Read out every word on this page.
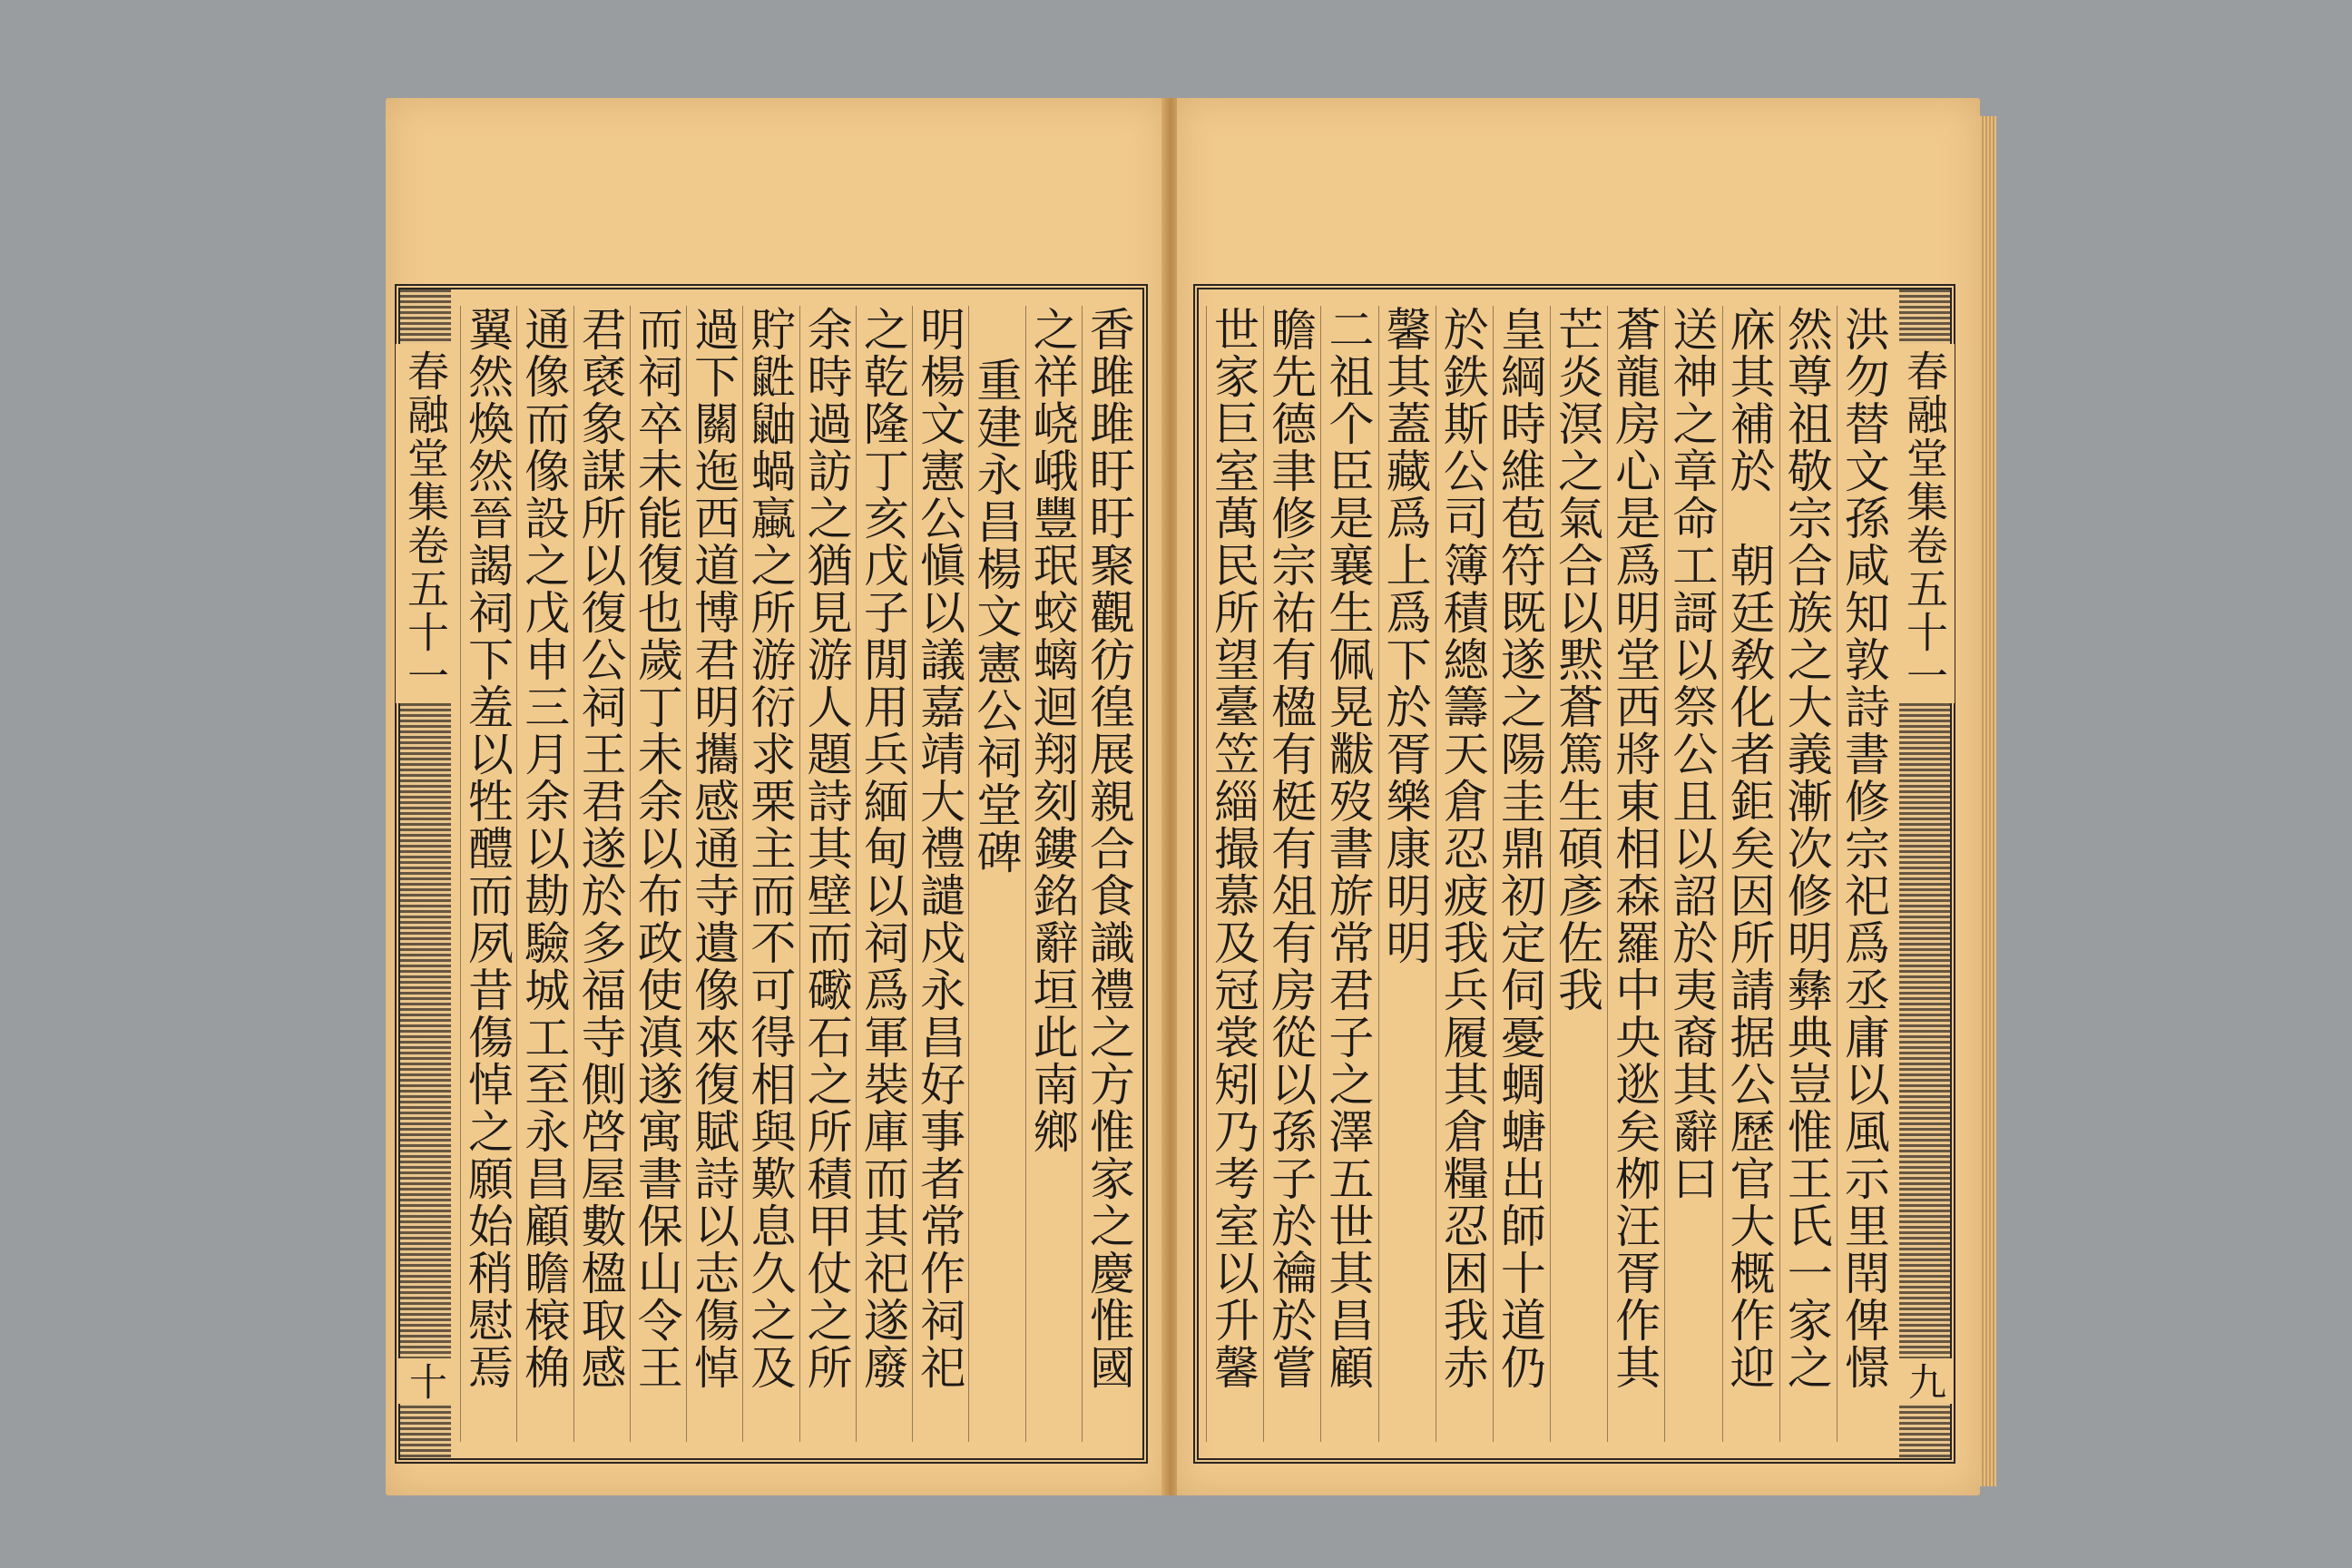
春融堂集卷五十一
十	香雎雎盱盱聚觀彷徨展親合食識禮之方惟家之慶惟國
之祥峣峨豐珉蛟螭迴翔刻鏤銘辭垣此南鄉
重建永昌楊文憲公祠堂碑
明楊文憲公愼以議嘉靖大禮譴戍永昌好事者常作祠祀
之乾隆丁亥戊子閒用兵緬甸以祠爲軍裝庫而其祀遂廢
余時過訪之猶見游人題詩其壁而礮石之所積甲仗之所
貯鼪鼬蝸蠃之所游衍求栗主而不可得相與歎息久之及
過下關迤西道博君明攜感通寺遺像來復賦詩以志傷悼
而祠卒未能復也歲丁未余以布政使滇遂寓書保山令王
君褎象謀所以復公祠王君遂於多福寺側啓屋數楹取感
通像而像設之戊申三月余以勘驗城工至永昌顧瞻榱桷
翼然煥然晉謁祠下羞以牲醴而夙昔傷悼之願始稍慰焉	春融堂集卷五十一
九
洪勿替文孫咸知敦詩書修宗祀爲丞庸以風示里閈俾憬
然尊祖敬宗合族之大義漸次修明彝典豈惟王氏一家之
庥其補於　朝廷敎化者鉅矣因所請据公歷官大概作迎
送神之章命工謌以祭公且以詔於夷裔其辭曰
蒼龍房心是爲明堂西將東相森羅中央逖矣栁汪胥作其
芒炎溟之氣合以黙蒼篤生碩彥佐我
皇綱時維苞符既遂之陽圭鼎初定伺憂蜩螗出師十道仍
於鉄斯公司簿積總籌天倉忍疲我兵履其倉糧忍困我赤
馨其蓋藏爲上爲下於胥樂康明明
二祖个臣是襄生佩晃黻歿書旂常君子之澤五世其昌顧
瞻先德聿修宗祐有楹有梃有俎有房從以孫子於禴於嘗
世家巨室萬民所望臺笠緇撮慕及冠裳矧乃考室以升馨
